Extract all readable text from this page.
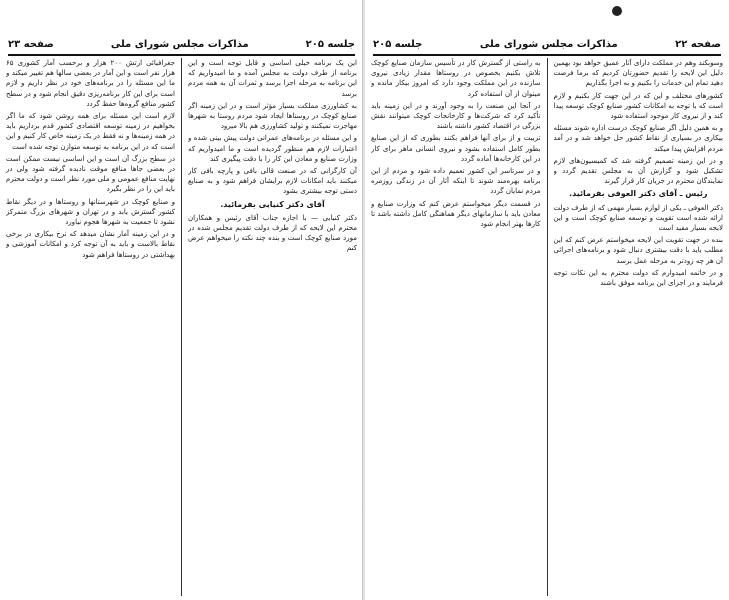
جلسه ۲۰۵
مذاکرات مجلس شورای ملی
صفحه ۲۳

این یک برنامه خیلی اساسی و قابل توجه است و این برنامه از طرف دولت به مجلس آمده و ما امیدواریم که این برنامه به مرحله اجرا برسد و ثمرات آن به همه مردم برسد

به کشاورزی مملکت بسیار مؤثر است و در این زمینه اگر صنایع کوچک در روستاها ایجاد شود مردم روستا به شهرها مهاجرت نمیکنند و تولید کشاورزی هم بالا میرود

و این مسئله در برنامه‌های عمرانی دولت پیش بینی شده و اعتبارات لازم هم منظور گردیده است و ما امیدواریم که وزارت صنایع و معادن این کار را با دقت پیگیری کند

آن کارگرانی که در صنعت قالی بافی و پارچه بافی کار میکنند باید امکانات لازم برایشان فراهم شود و به صنایع دستی توجه بیشتری بشود

آقای دکتر کنیایی بفرمائید.

دکتر کنیایی — با اجازه جناب آقای رئیس و همکاران محترم این لایحه که از طرف دولت تقدیم مجلس شده در مورد صنایع کوچک است و بنده چند نکته را میخواهم عرض کنم

جغرافیائی ارتش ۲۰۰ هزار و برحسب آمار کشوری ۶۵ هزار نفر است و این آمار در بعضی سالها هم تغییر میکند و ما این مسئله را در برنامه‌های خود در نظر داریم و لازم است برای این کار برنامه‌ریزی دقیق انجام شود و در سطح کشور منافع گروه‌ها حفظ گردد

لازم است این مسئله برای همه روشن شود که ما اگر بخواهیم در زمینه توسعه اقتصادی کشور قدم برداریم باید در همه زمینه‌ها و نه فقط در یک زمینه خاص کار کنیم و این است که در این برنامه به توسعه متوازن توجه شده است

در سطح بزرگ آن است و این اساسی نیست ممکن است در بعضی جاها منافع موقت نادیده گرفته شود ولی در نهایت منافع عمومی و ملی مورد نظر است و دولت محترم باید این را در نظر بگیرد

و صنایع کوچک در شهرستانها و روستاها و در دیگر نقاط کشور گسترش یابد و در تهران و شهرهای بزرگ متمرکز نشود تا جمعیت به شهرها هجوم نیاورد

و در این زمینه آمار نشان میدهد که نرخ بیکاری در برخی نقاط بالاست و باید به آن توجه کرد و امکانات آموزشی و بهداشتی در روستاها فراهم شود

صفحه ۲۲
مذاکرات مجلس شورای ملی
جلسه ۲۰۵

وسوبکند وهم در مملکت دارای آثار عمیق خواهد بود بهمین دلیل این لایحه را تقدیم حضورتان کردیم که برما فرصت دهید تمام این خدمات را بکنیم و به اجرا بگذاریم

کشور‌های مختلف و این که در این جهت کار بکنیم و لازم است که با توجه به امکانات کشور صنایع کوچک توسعه پیدا کند و از نیروی کار موجود استفاده شود

و به همین دلیل اگر صنایع کوچک درست اداره شوند مسئله بیکاری در بسیاری از نقاط کشور حل خواهد شد و در آمد مردم افزایش پیدا میکند

و در این زمینه تصمیم گرفته شد که کمیسیون‌های لازم تشکیل شود و گزارش آن به مجلس تقدیم گردد و نمایندگان محترم در جریان کار قرار گیرند

رئیس ـ آقای دکتر العوفی بفرمائید.

دکتر العوفی ـ یکی از لوازم بسیار مهمی که از طرف دولت ارائه شده است تقویت و توسعه صنایع کوچک است و این لایحه بسیار مفید است

بنده در جهت تقویت این لایحه میخواستم عرض کنم که این مطلب باید با دقت بیشتری دنبال شود و برنامه‌های اجرائی آن هر چه زودتر به مرحله عمل برسد

و در خاتمه امیدوارم که دولت محترم به این نکات توجه فرمایند و در اجرای این برنامه موفق باشند

به راستی از گسترش کار در تأسیس سازمان صنایع کوچک تلاش بکنیم بخصوص در روستاها مقدار زیادی نیروی سازنده در این مملکت وجود دارد که امروز بیکار مانده و میتوان از آن استفاده کرد

در آنجا این صنعت را به وجود آورند و در این زمینه باید تأکید کرد که شرکت‌ها و کارخانجات کوچک میتوانند نقش بزرگی در اقتصاد کشور داشته باشند

تربیت و از برای آنها فراهم بکنند بطوری که از این صنایع بطور کامل استفاده بشود و نیروی انسانی ماهر برای کار در این کارخانه‌ها آماده گردد

و در سرتاسر این کشور تعمیم داده شود و مردم از این برنامه بهره‌مند شوند تا اینکه آثار آن در زندگی روزمره مردم نمایان گردد

در قسمت دیگر میخواستم عرض کنم که وزارت صنایع و معادن باید با سازمانهای دیگر هماهنگی کامل داشته باشد تا کارها بهتر انجام شود
